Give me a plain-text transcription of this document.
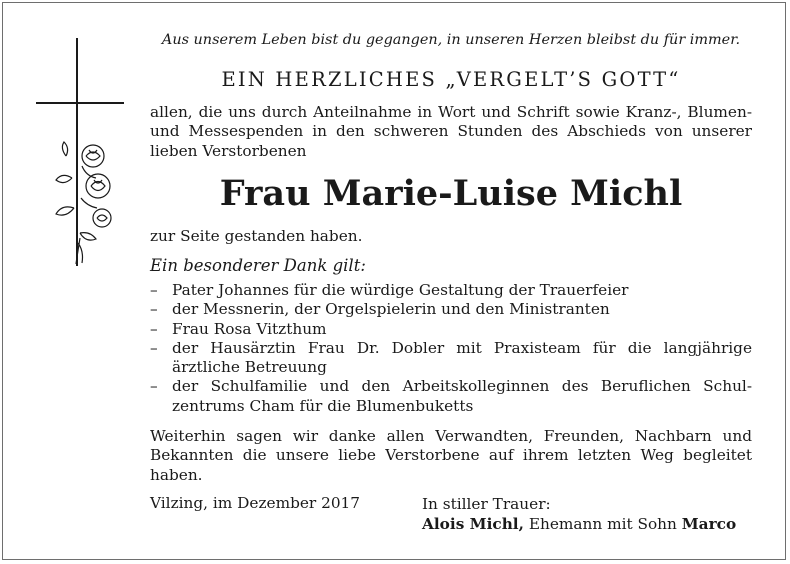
Aus unserem Leben bist du gegangen, in unseren Herzen bleibst du für immer.
EIN HERZLICHES „VERGELT’S GOTT“
allen, die uns durch Anteilnahme in Wort und Schrift sowie Kranz-, Blumen- und Messespenden in den schweren Stunden des Abschieds von unserer lieben Verstorbenen
Frau Marie-Luise Michl
zur Seite gestanden haben.
Ein besonderer Dank gilt:
– Pater Johannes für die würdige Gestaltung der Trauerfeier
– der Messnerin, der Orgelspielerin und den Ministranten
– Frau Rosa Vitzthum
– der Hausärztin Frau Dr. Dobler mit Praxisteam für die langjährige ärztliche Betreuung
– der Schulfamilie und den Arbeitskolleginnen des Beruflichen Schulzentrums Cham für die Blumenbuketts
Weiterhin sagen wir danke allen Verwandten, Freunden, Nachbarn und Bekannten die unsere liebe Verstorbene auf ihrem letzten Weg begleitet haben.
Vilzing, im Dezember 2017	In stiller Trauer:
Alois Michl, Ehemann mit Sohn Marco
